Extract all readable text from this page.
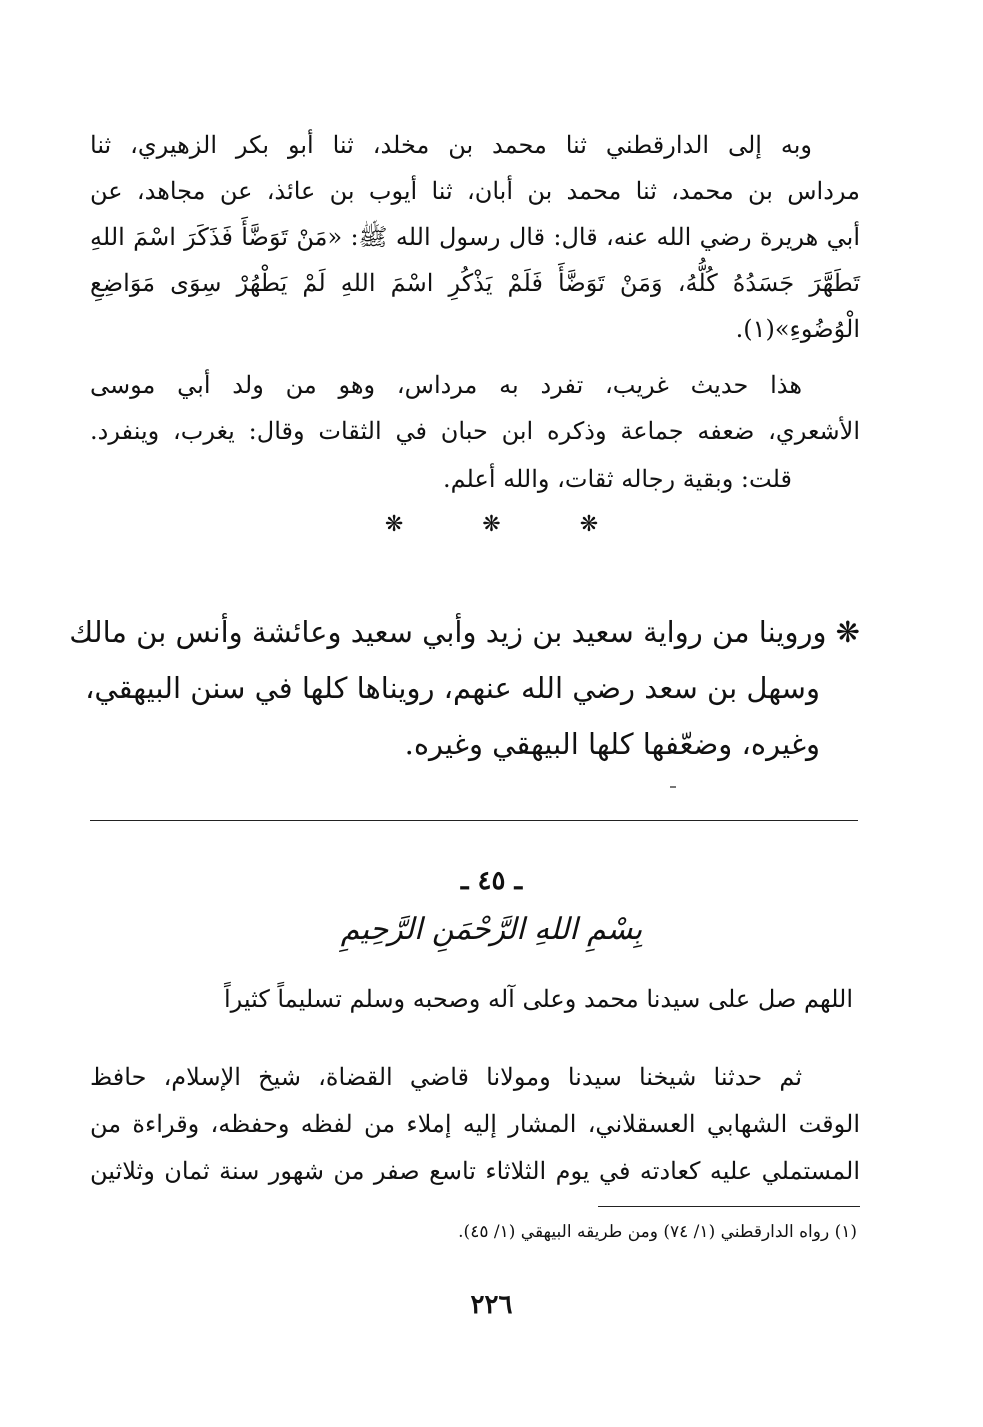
وبه إلى الدارقطني ثنا محمد بن مخلد، ثنا أبو بكر الزهيري، ثنا
مرداس بن محمد، ثنا محمد بن أبان، ثنا أيوب بن عائذ، عن مجاهد، عن
أبي هريرة رضي الله عنه، قال: قال رسول الله ﷺ: «مَنْ تَوَضَّأَ فَذَكَرَ اسْمَ اللهِ
تَطَهَّرَ جَسَدُهُ كُلُّهُ، وَمَنْ تَوَضَّأَ فَلَمْ يَذْكُرِ اسْمَ اللهِ لَمْ يَطْهُرْ سِوَى مَوَاضِعِ
الْوُضُوءِ»(١).
هذا حديث غريب، تفرد به مرداس، وهو من ولد أبي موسى
الأشعري، ضعفه جماعة وذكره ابن حبان في الثقات وقال: يغرب، وينفرد.
قلت: وبقية رجاله ثقات، والله أعلم.
❋	❋	❋
❋ وروينا من رواية سعيد بن زيد وأبي سعيد وعائشة وأنس بن مالك
وسهل بن سعد رضي الله عنهم، رويناها كلها في سنن البيهقي،
وغيره، وضعّفها كلها البيهقي وغيره.
ـ ٤٥ ـ
بِسْمِ اللهِ الرَّحْمَنِ الرَّحِيمِ
اللهم صل على سيدنا محمد وعلى آله وصحبه وسلم تسليماً كثيراً
ثم حدثنا شيخنا سيدنا ومولانا قاضي القضاة، شيخ الإسلام، حافظ
الوقت الشهابي العسقلاني، المشار إليه إملاء من لفظه وحفظه، وقراءة من
المستملي عليه كعادته في يوم الثلاثاء تاسع صفر من شهور سنة ثمان وثلاثين
(١) رواه الدارقطني (١/ ٧٤) ومن طريقه البيهقي (١/ ٤٥).
٢٢٦
